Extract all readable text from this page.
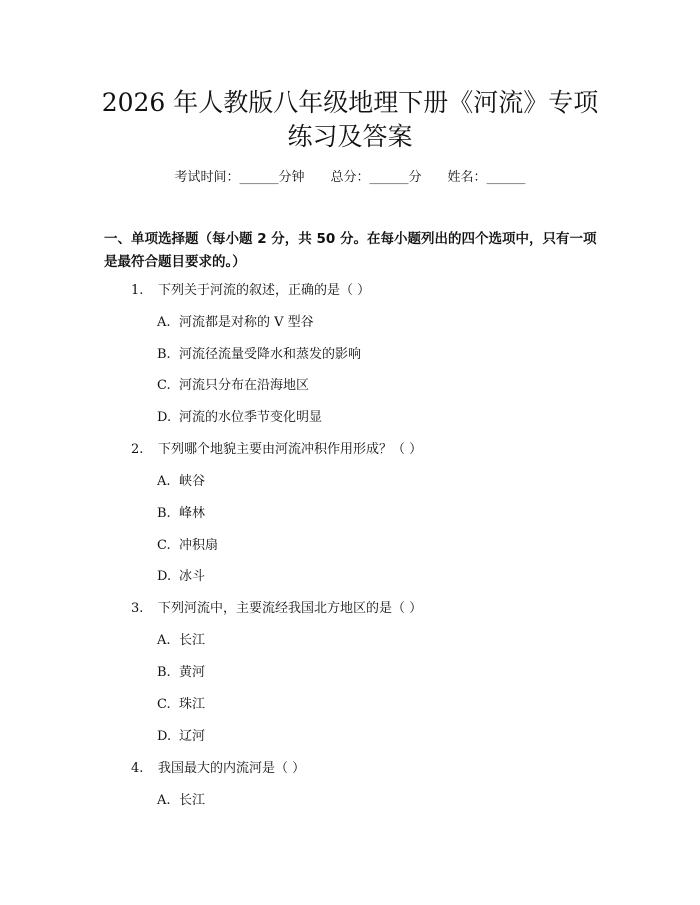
2026 年人教版八年级地理下册《河流》专项
练习及答案
考试时间：______分钟 总分：______分 姓名：______
一、单项选择题（每小题 2 分，共 50 分。在每小题列出的四个选项中，只有一项是最符合题目要求的。）
1. 下列关于河流的叙述，正确的是（ ）
A. 河流都是对称的 V 型谷
B. 河流径流量受降水和蒸发的影响
C. 河流只分布在沿海地区
D. 河流的水位季节变化明显
2. 下列哪个地貌主要由河流冲积作用形成？（ ）
A. 峡谷
B. 峰林
C. 冲积扇
D. 冰斗
3. 下列河流中，主要流经我国北方地区的是（ ）
A. 长江
B. 黄河
C. 珠江
D. 辽河
4. 我国最大的内流河是（ ）
A. 长江
